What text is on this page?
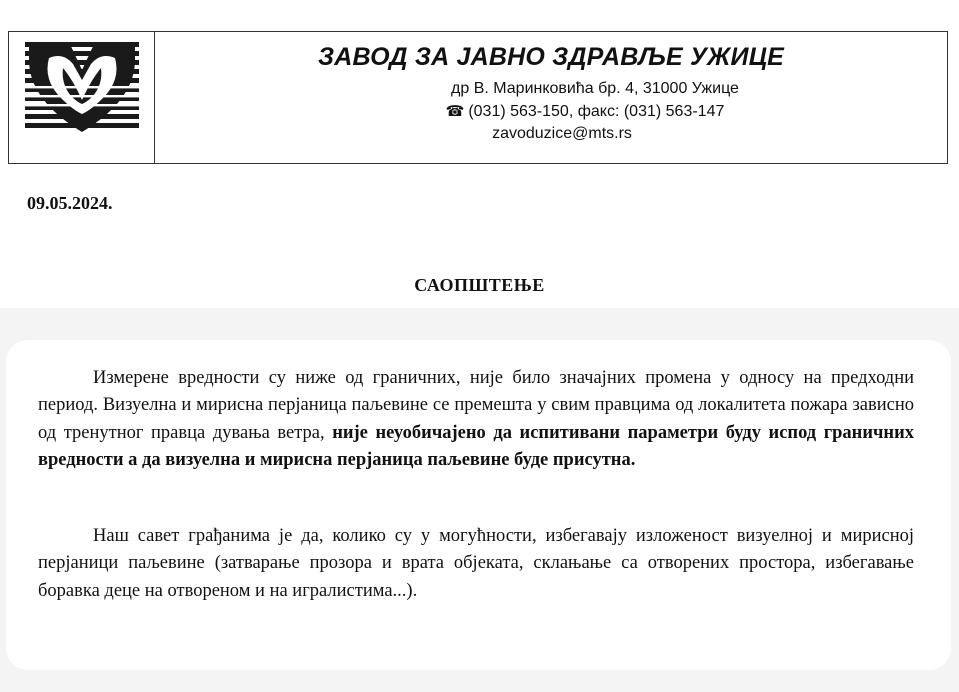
ЗАВОД ЗА ЈАВНО ЗДРАВЉЕ УЖИЦЕ
др В. Маринковића бр. 4, 31000 Ужице
☎ (031) 563-150, факс: (031) 563-147
zavoduzice@mts.rs
09.05.2024.
САОПШТЕЊЕ
Измерене вредности су ниже од граничних, није било значајних промена у односу на предходни период. Визуелна и мирисна перјаница паљевине се премешта у свим правцима од локалитета пожара зависно од тренутног правца дувања ветра, није неуобичајено да испитивани параметри буду испод граничних вредности а да визуелна и мирисна перјаница паљевине буде присутна.
Наш савет грађанима је да, колико су у могућности, избегавају изложеност визуелној и мирисној перјаници паљевине (затварање прозора и врата објеката, склањање са отворених простора, избегавање боравка деце на отвореном и на игралистима...).
